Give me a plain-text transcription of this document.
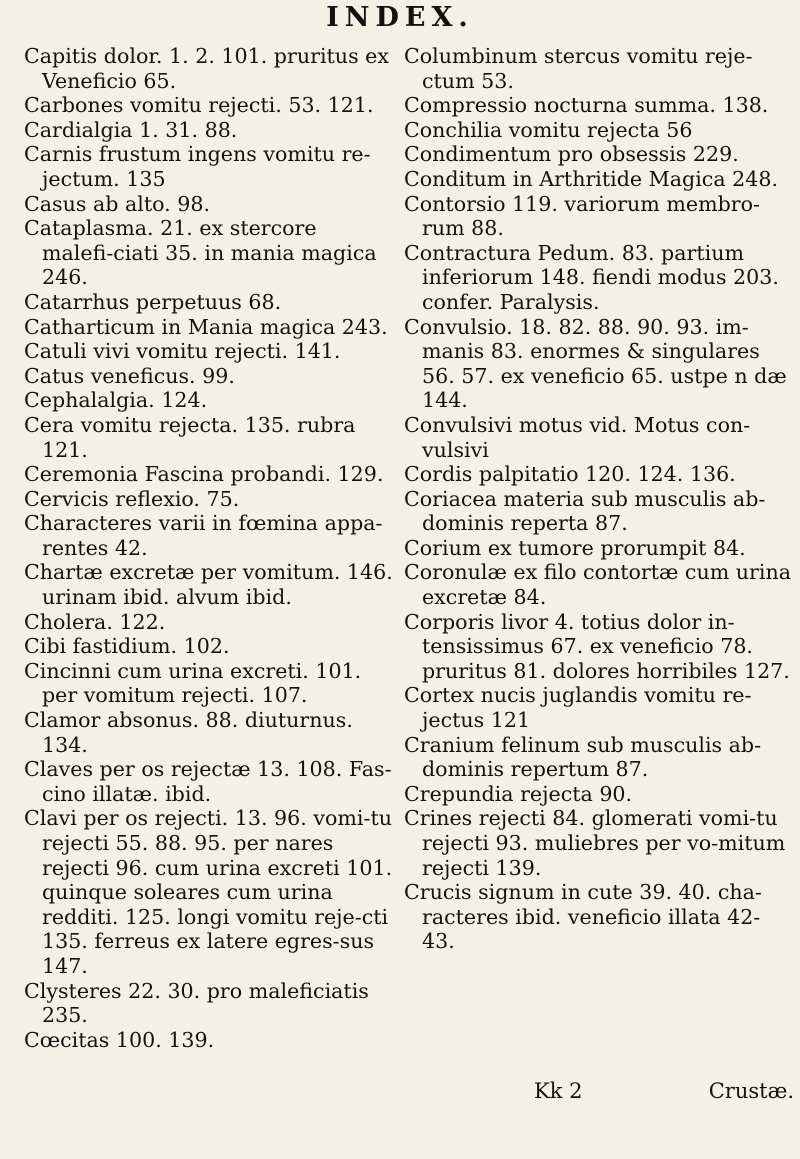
INDEX.
Capitis dolor. 1. 2. 101. pruritus ex Veneficio 65.
Carbones vomitu rejecti. 53. 121.
Cardialgia 1. 31. 88.
Carnis frustum ingens vomitu re-jectum. 135
Casus ab alto. 98.
Cataplasma. 21. ex stercore malefi-ciati 35. in mania magica 246.
Catarrhus perpetuus 68.
Catharticum in Mania magica 243.
Catuli vivi vomitu rejecti. 141.
Catus veneficus. 99.
Cephalalgia. 124.
Cera vomitu rejecta. 135. rubra 121.
Ceremonia Fascina probandi. 129.
Cervicis reflexio. 75.
Characteres varii in fœmina appa-rentes 42.
Chartæ excretæ per vomitum. 146. urinam ibid. alvum ibid.
Cholera. 122.
Cibi fastidium. 102.
Cincinni cum urina excreti. 101. per vomitum rejecti. 107.
Clamor absonus. 88. diuturnus. 134.
Claves per os rejectæ 13. 108. Fas-cino illatæ. ibid.
Clavi per os rejecti. 13. 96. vomi-tu rejecti 55. 88. 95. per nares rejecti 96. cum urina excreti 101. quinque soleares cum urina redditi. 125. longi vomitu reje-cti 135. ferreus ex latere egres-sus 147.
Clysteres 22. 30. pro maleficiatis 235.
Cœcitas 100. 139.
Columbinum stercus vomitu reje-ctum 53.
Compressio nocturna summa. 138.
Conchilia vomitu rejecta 56
Condimentum pro obsessis 229.
Conditum in Arthritide Magica 248.
Contorsio 119. variorum membro-rum 88.
Contractura Pedum. 83. partium inferiorum 148. fiendi modus 203. confer. Paralysis.
Convulsio. 18. 82. 88. 90. 93. im-manis 83. enormes & singulares 56. 57. ex veneficio 65. ustpe n dæ 144.
Convulsivi motus vid. Motus con-vulsivi
Cordis palpitatio 120. 124. 136.
Coriacea materia sub musculis ab-dominis reperta 87.
Corium ex tumore prorumpit 84.
Coronulæ ex filo contortæ cum urina excretæ 84.
Corporis livor 4. totius dolor in-tensissimus 67. ex veneficio 78. pruritus 81. dolores horribiles 127.
Cortex nucis juglandis vomitu re-jectus 121
Cranium felinum sub musculis ab-dominis repertum 87.
Crepundia rejecta 90.
Crines rejecti 84. glomerati vomi-tu rejecti 93. muliebres per vo-mitum rejecti 139.
Crucis signum in cute 39. 40. cha-racteres ibid. veneficio illata 42-43.
Kk 2	Crustæ.
